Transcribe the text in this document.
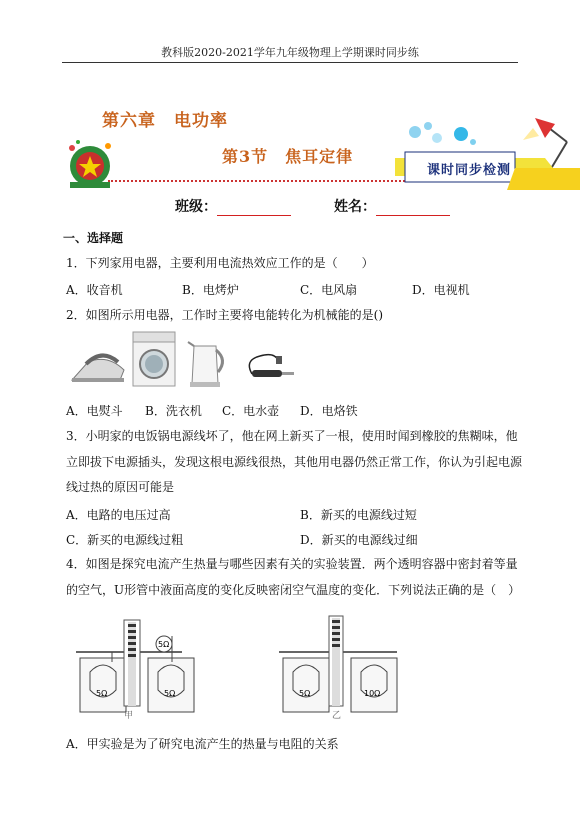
教科版2020-2021学年九年级物理上学期课时同步练
第六章　电功率
第3节　焦耳定律
课时同步检测
班级：	姓名：
一、选择题
1．下列家用电器，主要利用电流热效应工作的是（　　）
A．收音机	B．电烤炉	C．电风扇	D．电视机
2．如图所示用电器，工作时主要将电能转化为机械能的是()
A．电熨斗 B．洗衣机 C．电水壶 D．电烙铁
3．小明家的电饭锅电源线坏了，他在网上新买了一根，使用时闻到橡胶的焦糊味，他
立即拔下电源插头，发现这根电源线很热，其他用电器仍然正常工作，你认为引起电源
线过热的原因可能是
A．电路的电压过高	B．新买的电源线过短
C．新买的电源线过粗	D．新买的电源线过细
4．如图是探究电流产生热量与哪些因素有关的实验装置．两个透明容器中密封着等量
的空气，U形管中液面高度的变化反映密闭空气温度的变化．下列说法正确的是（　）
5Ω
5Ω	5Ω
甲
5Ω	10Ω
乙
A．甲实验是为了研究电流产生的热量与电阻的关系
